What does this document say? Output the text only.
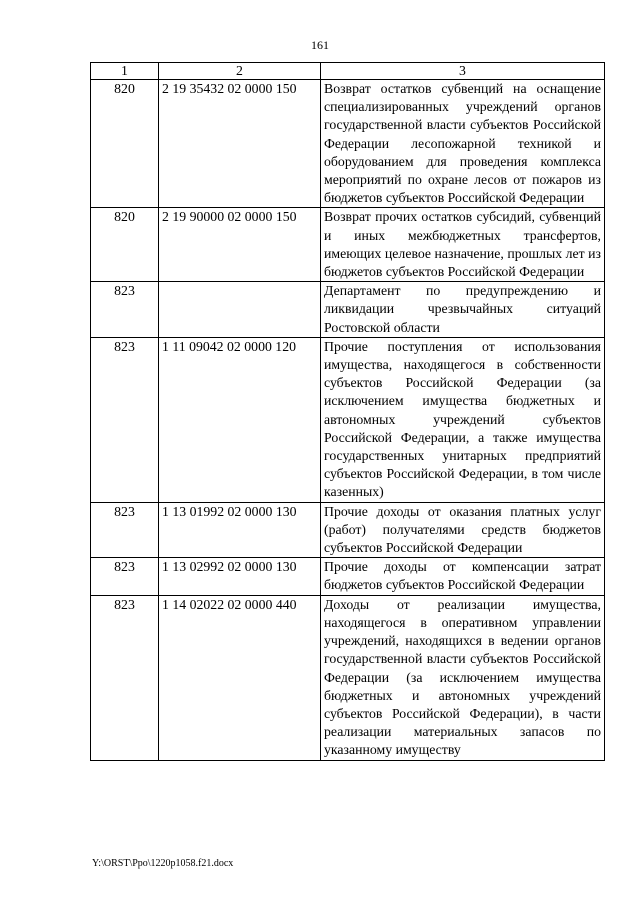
161
1	2	3
820	2 19 35432 02 0000 150	Возврат остатков субвенций на оснащение специализированных учреждений органов государственной власти субъектов Российской Федерации лесопожарной техникой и оборудованием для проведения комплекса мероприятий по охране лесов от пожаров из бюджетов субъектов Российской Федерации
820	2 19 90000 02 0000 150	Возврат прочих остатков субсидий, субвенций и иных межбюджетных трансфертов, имеющих целевое назначение, прошлых лет из бюджетов субъектов Российской Федерации
823		Департамент по предупреждению и ликвидации чрезвычайных ситуаций Ростовской области
823	1 11 09042 02 0000 120	Прочие поступления от использования имущества, находящегося в собственности субъектов Российской Федерации (за исключением имущества бюджетных и автономных учреждений субъектов Российской Федерации, а также имущества государственных унитарных предприятий субъектов Российской Федерации, в том числе казенных)
823	1 13 01992 02 0000 130	Прочие доходы от оказания платных услуг (работ) получателями средств бюджетов субъектов Российской Федерации
823	1 13 02992 02 0000 130	Прочие доходы от компенсации затрат бюджетов субъектов Российской Федерации
823	1 14 02022 02 0000 440	Доходы от реализации имущества, находящегося в оперативном управлении учреждений, находящихся в ведении органов государственной власти субъектов Российской Федерации (за исключением имущества бюджетных и автономных учреждений субъектов Российской Федерации), в части реализации материальных запасов по указанному имуществу
Y:\ORST\Ppo\1220p1058.f21.docx
